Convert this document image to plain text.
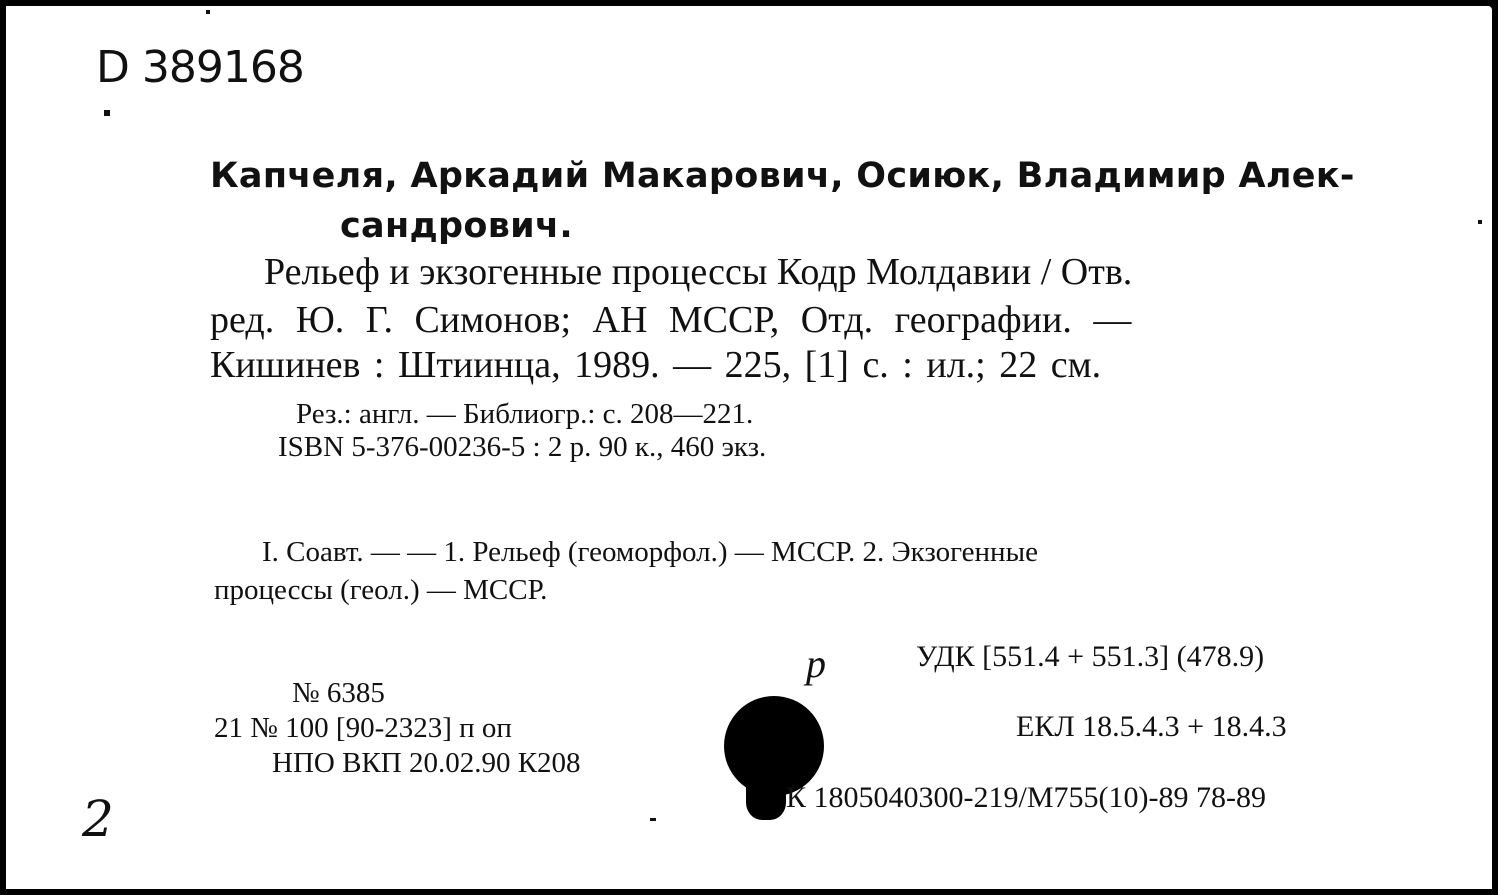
D 389168
Капчеля, Аркадий Макарович, Осиюк, Владимир Алек-
сандрович.
Рельеф и экзогенные процессы Кодр Молдавии / Отв.
ред. Ю. Г. Симонов; АН МССР, Отд. географии. —
Кишинев : Штиинца, 1989. — 225, [1] с. : ил.; 22 см.
Рез.: англ. — Библиогр.: с. 208—221.
ISBN 5-376-00236-5 : 2 р. 90 к., 460 экз.
I. Соавт. — — 1. Рельеф (геоморфол.) — МССР. 2. Экзогенные
процессы (геол.) — МССР.
№ 6385
21 № 100 [90-2323] п оп
НПО ВКП 20.02.90 К208
p	УДК [551.4 + 551.3] (478.9)
ЕКЛ 18.5.4.3 + 18.4.3
К 1805040300-219/М755(10)-89 78-89
2
